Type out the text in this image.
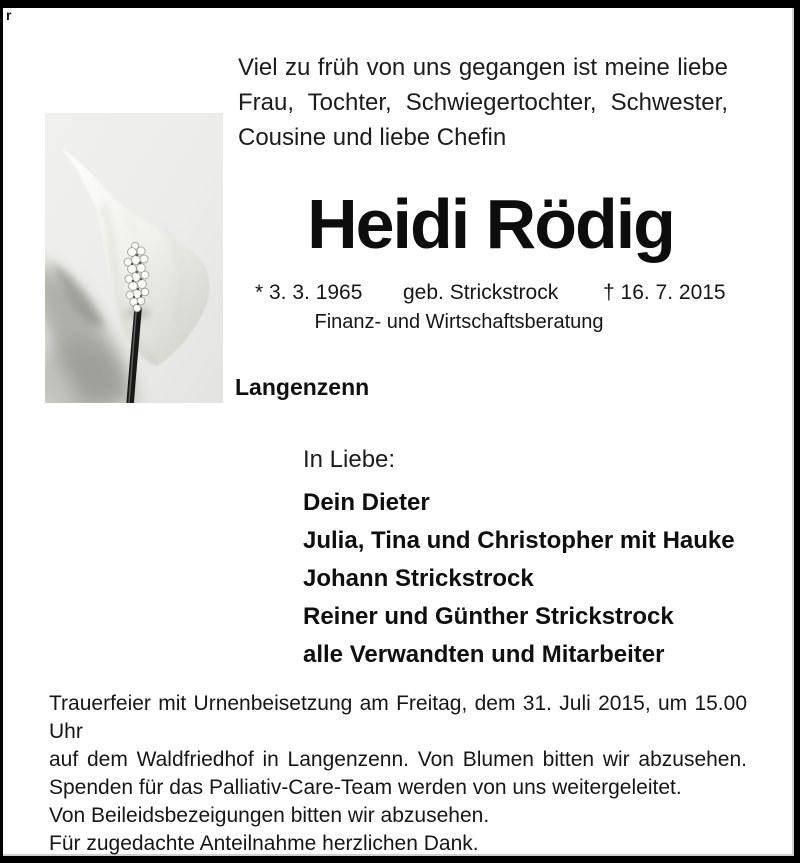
r
Viel zu früh von uns gegangen ist meine liebe
Frau, Tochter, Schwiegertochter, Schwester,
Cousine und liebe Chefin
Heidi Rödig
* 3. 3. 1965 geb. Strickstrock † 16. 7. 2015
Finanz- und Wirtschaftsberatung
Langenzenn
In Liebe:
Dein Dieter
Julia, Tina und Christopher mit Hauke
Johann Strickstrock
Reiner und Günther Strickstrock
alle Verwandten und Mitarbeiter
Trauerfeier mit Urnenbeisetzung am Freitag, dem 31. Juli 2015, um 15.00 Uhr
auf dem Waldfriedhof in Langenzenn. Von Blumen bitten wir abzusehen.
Spenden für das Palliativ-Care-Team werden von uns weitergeleitet.
Von Beileidsbezeigungen bitten wir abzusehen.
Für zugedachte Anteilnahme herzlichen Dank.
